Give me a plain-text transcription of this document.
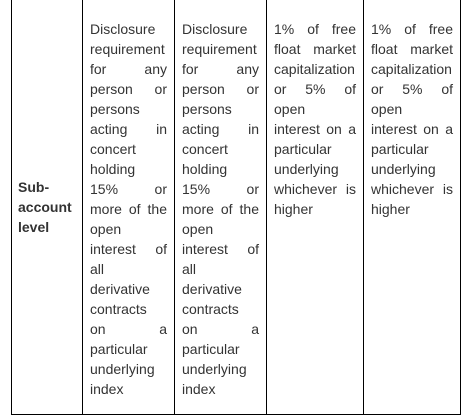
Sub-
account
level
Disclosure
requirement
for any
person or
persons
acting in
concert
holding
15% or
more of the
open
interest of
all
derivative
contracts
on a
particular
underlying
index
Disclosure
requirement
for any
person or
persons
acting in
concert
holding
15% or
more of the
open
interest of
all
derivative
contracts
on a
particular
underlying
index
1% of free
float market
capitalization
or 5% of
open
interest on a
particular
underlying
whichever is
higher
1% of free
float market
capitalization
or 5% of
open
interest on a
particular
underlying
whichever is
higher
